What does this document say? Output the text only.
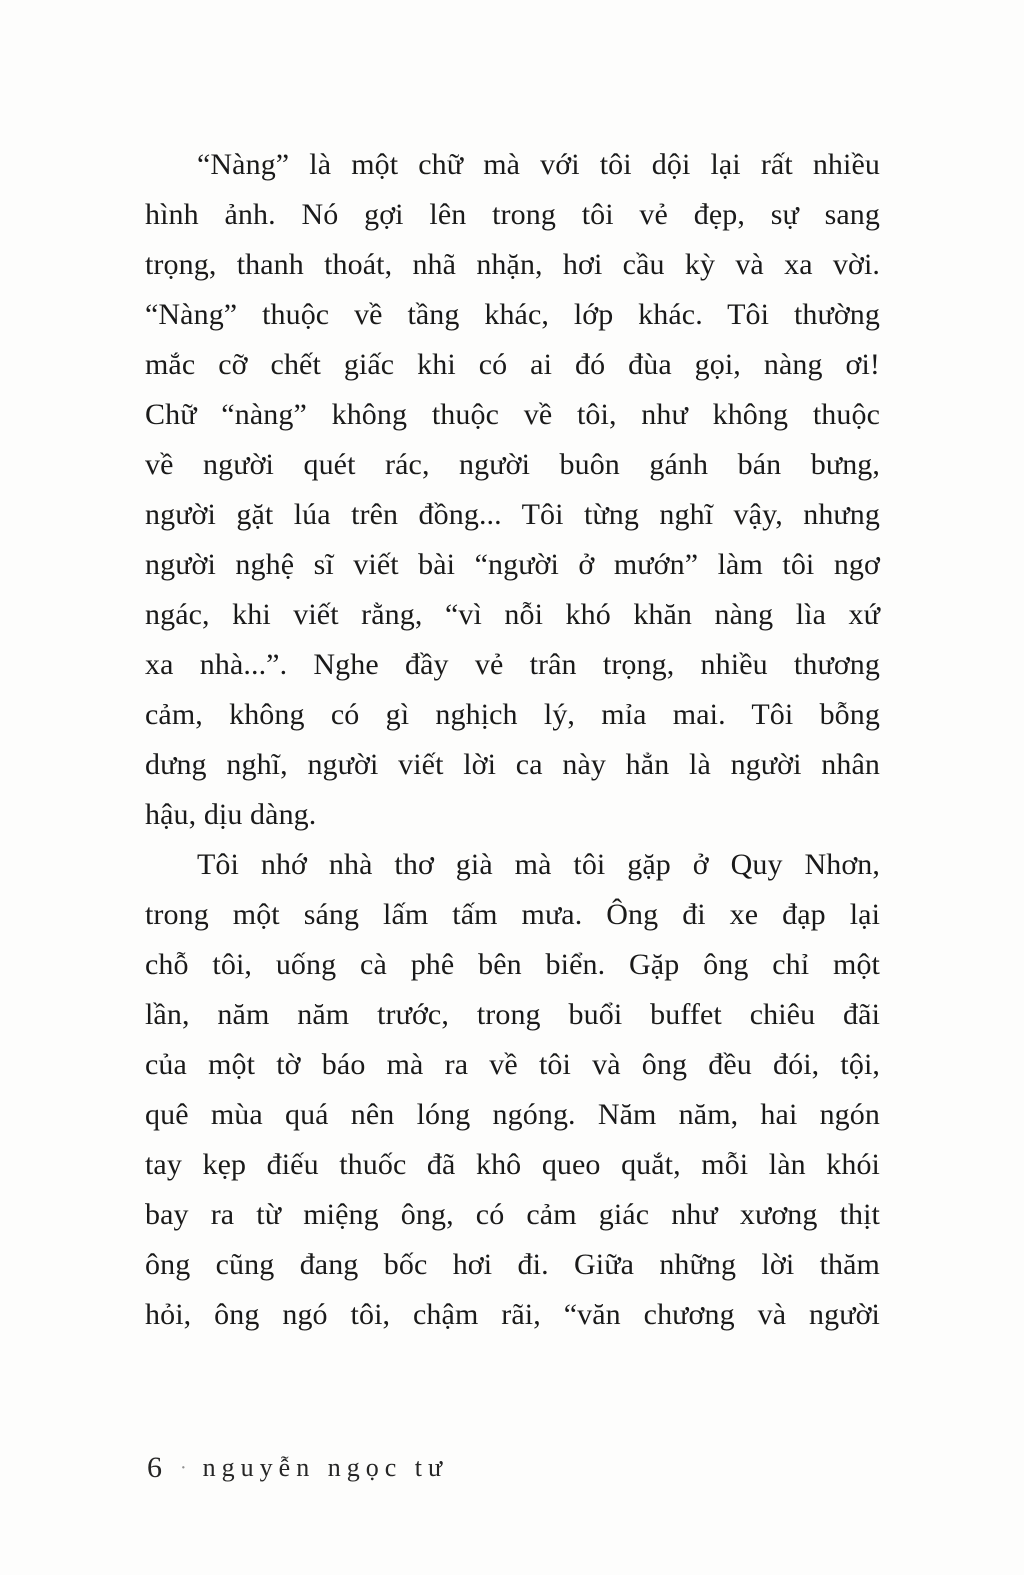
“Nàng” là một chữ mà với tôi dội lại rất nhiều
hình ảnh. Nó gợi lên trong tôi vẻ đẹp, sự sang
trọng, thanh thoát, nhã nhặn, hơi cầu kỳ và xa vời.
“Nàng” thuộc về tầng khác, lớp khác. Tôi thường
mắc cỡ chết giấc khi có ai đó đùa gọi, nàng ơi!
Chữ “nàng” không thuộc về tôi, như không thuộc
về người quét rác, người buôn gánh bán bưng,
người gặt lúa trên đồng... Tôi từng nghĩ vậy, nhưng
người nghệ sĩ viết bài “người ở mướn” làm tôi ngơ
ngác, khi viết rằng, “vì nỗi khó khăn nàng lìa xứ
xa nhà...”. Nghe đầy vẻ trân trọng, nhiều thương
cảm, không có gì nghịch lý, mỉa mai. Tôi bỗng
dưng nghĩ, người viết lời ca này hẳn là người nhân
hậu, dịu dàng.
Tôi nhớ nhà thơ già mà tôi gặp ở Quy Nhơn,
trong một sáng lấm tấm mưa. Ông đi xe đạp lại
chỗ tôi, uống cà phê bên biển. Gặp ông chỉ một
lần, năm năm trước, trong buổi buffet chiêu đãi
của một tờ báo mà ra về tôi và ông đều đói, tội,
quê mùa quá nên lóng ngóng. Năm năm, hai ngón
tay kẹp điếu thuốc đã khô queo quắt, mỗi làn khói
bay ra từ miệng ông, có cảm giác như xương thịt
ông cũng đang bốc hơi đi. Giữa những lời thăm
hỏi, ông ngó tôi, chậm rãi, “văn chương và người
6 · nguyễn ngọc tư
